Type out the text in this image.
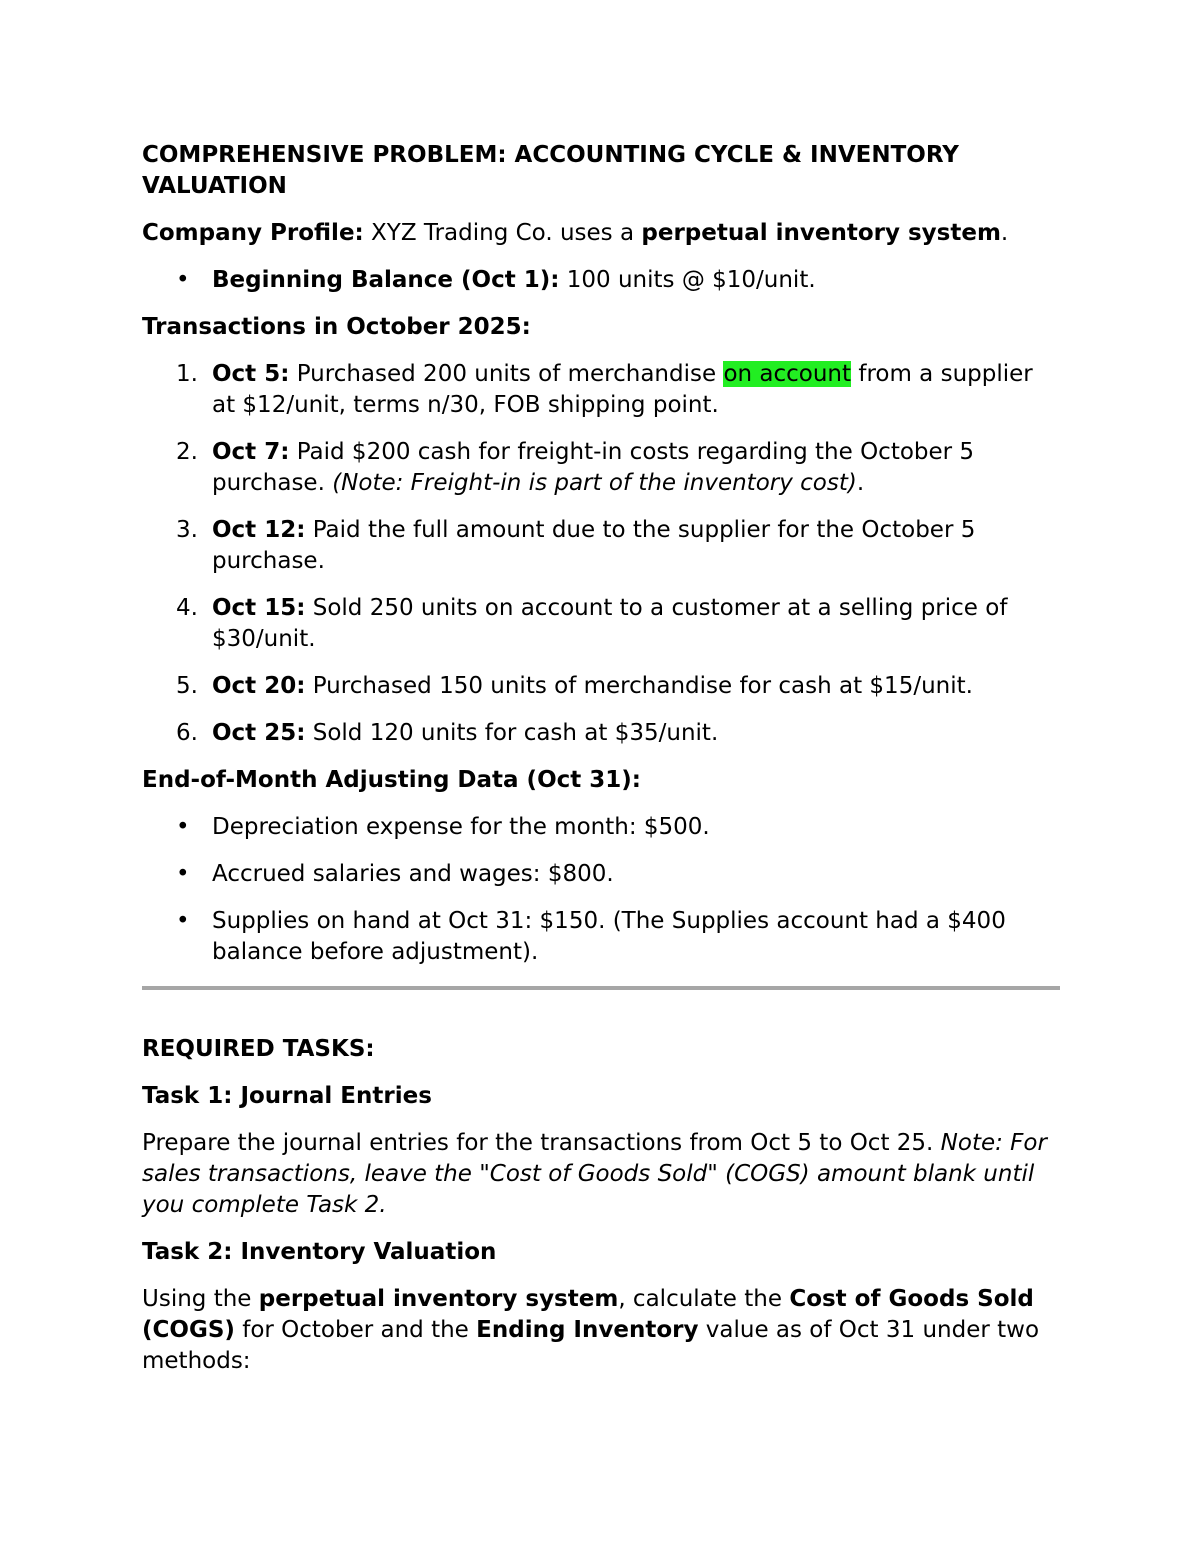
COMPREHENSIVE PROBLEM: ACCOUNTING CYCLE & INVENTORY VALUATION

Company Profile: XYZ Trading Co. uses a perpetual inventory system.

• Beginning Balance (Oct 1): 100 units @ $10/unit.

Transactions in October 2025:

1. Oct 5: Purchased 200 units of merchandise on account from a supplier at $12/unit, terms n/30, FOB shipping point.
2. Oct 7: Paid $200 cash for freight-in costs regarding the October 5 purchase. (Note: Freight-in is part of the inventory cost).
3. Oct 12: Paid the full amount due to the supplier for the October 5 purchase.
4. Oct 15: Sold 250 units on account to a customer at a selling price of $30/unit.
5. Oct 20: Purchased 150 units of merchandise for cash at $15/unit.
6. Oct 25: Sold 120 units for cash at $35/unit.

End-of-Month Adjusting Data (Oct 31):

• Depreciation expense for the month: $500.
• Accrued salaries and wages: $800.
• Supplies on hand at Oct 31: $150. (The Supplies account had a $400 balance before adjustment).

REQUIRED TASKS:

Task 1: Journal Entries

Prepare the journal entries for the transactions from Oct 5 to Oct 25. Note: For sales transactions, leave the "Cost of Goods Sold" (COGS) amount blank until you complete Task 2.

Task 2: Inventory Valuation

Using the perpetual inventory system, calculate the Cost of Goods Sold (COGS) for October and the Ending Inventory value as of Oct 31 under two methods:
